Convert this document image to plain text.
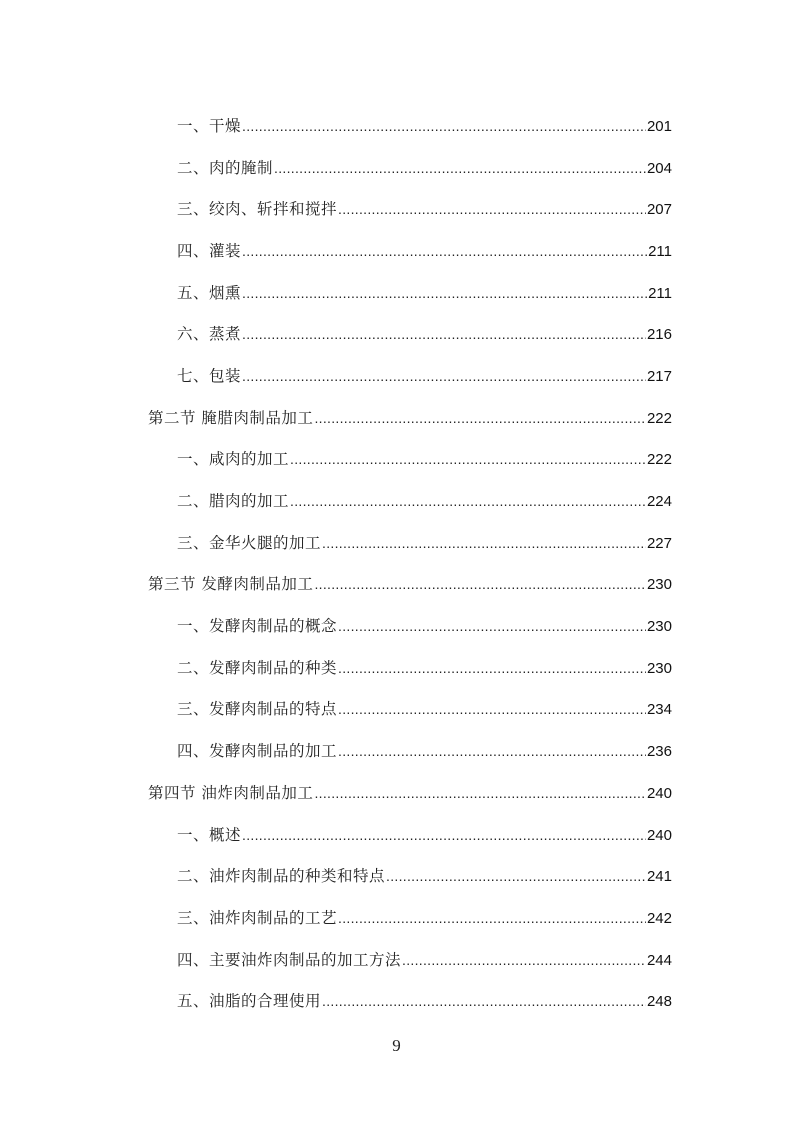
一、干燥 .....	201
二、肉的腌制 .....	204
三、绞肉、斩拌和搅拌 .....	207
四、灌装 .....	211
五、烟熏 .....	211
六、蒸煮 .....	216
七、包装 .....	217
第二节 腌腊肉制品加工 .....	222
一、咸肉的加工 .....	222
二、腊肉的加工 .....	224
三、金华火腿的加工 .....	227
第三节 发酵肉制品加工 .....	230
一、发酵肉制品的概念 .....	230
二、发酵肉制品的种类 .....	230
三、发酵肉制品的特点 .....	234
四、发酵肉制品的加工 .....	236
第四节 油炸肉制品加工 .....	240
一、概述 .....	240
二、油炸肉制品的种类和特点 .....	241
三、油炸肉制品的工艺 .....	242
四、主要油炸肉制品的加工方法 .....	244
五、油脂的合理使用 .....	248
9
